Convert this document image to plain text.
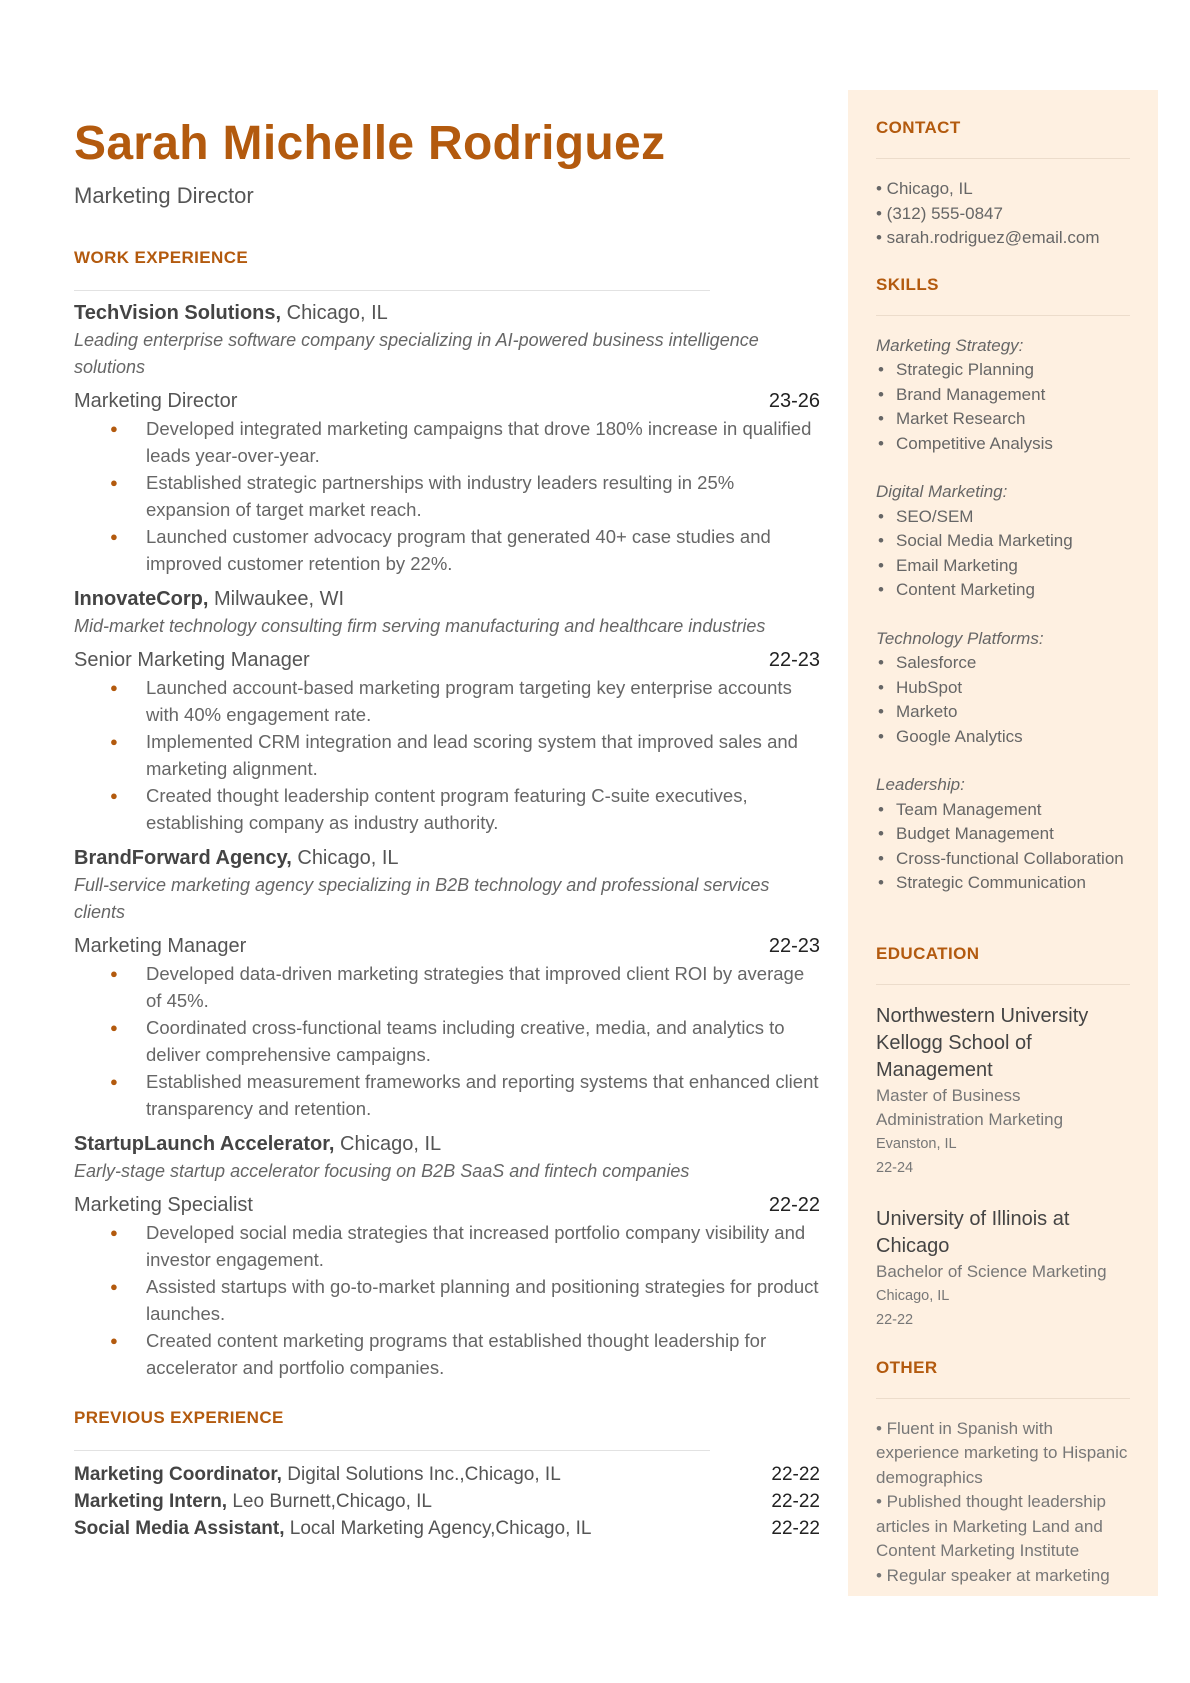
Sarah Michelle Rodriguez
Marketing Director
WORK EXPERIENCE
TechVision Solutions, Chicago, IL
Leading enterprise software company specializing in AI-powered business intelligence solutions
Marketing Director	23-26
● Developed integrated marketing campaigns that drove 180% increase in qualified leads year-over-year.
● Established strategic partnerships with industry leaders resulting in 25% expansion of target market reach.
● Launched customer advocacy program that generated 40+ case studies and improved customer retention by 22%.
InnovateCorp, Milwaukee, WI
Mid-market technology consulting firm serving manufacturing and healthcare industries
Senior Marketing Manager	22-23
● Launched account-based marketing program targeting key enterprise accounts with 40% engagement rate.
● Implemented CRM integration and lead scoring system that improved sales and marketing alignment.
● Created thought leadership content program featuring C-suite executives, establishing company as industry authority.
BrandForward Agency, Chicago, IL
Full-service marketing agency specializing in B2B technology and professional services clients
Marketing Manager	22-23
● Developed data-driven marketing strategies that improved client ROI by average of 45%.
● Coordinated cross-functional teams including creative, media, and analytics to deliver comprehensive campaigns.
● Established measurement frameworks and reporting systems that enhanced client transparency and retention.
StartupLaunch Accelerator, Chicago, IL
Early-stage startup accelerator focusing on B2B SaaS and fintech companies
Marketing Specialist	22-22
● Developed social media strategies that increased portfolio company visibility and investor engagement.
● Assisted startups with go-to-market planning and positioning strategies for product launches.
● Created content marketing programs that established thought leadership for accelerator and portfolio companies.
PREVIOUS EXPERIENCE
Marketing Coordinator, Digital Solutions Inc.,Chicago, IL	22-22
Marketing Intern, Leo Burnett,Chicago, IL	22-22
Social Media Assistant, Local Marketing Agency,Chicago, IL	22-22
CONTACT
• Chicago, IL
• (312) 555-0847
• sarah.rodriguez@email.com
SKILLS
Marketing Strategy:
• Strategic Planning
• Brand Management
• Market Research
• Competitive Analysis
Digital Marketing:
• SEO/SEM
• Social Media Marketing
• Email Marketing
• Content Marketing
Technology Platforms:
• Salesforce
• HubSpot
• Marketo
• Google Analytics
Leadership:
• Team Management
• Budget Management
• Cross-functional Collaboration
• Strategic Communication
EDUCATION
Northwestern University Kellogg School of Management
Master of Business Administration Marketing
Evanston, IL
22-24
University of Illinois at Chicago
Bachelor of Science Marketing
Chicago, IL
22-22
OTHER
• Fluent in Spanish with experience marketing to Hispanic demographics
• Published thought leadership articles in Marketing Land and Content Marketing Institute
• Regular speaker at marketing
